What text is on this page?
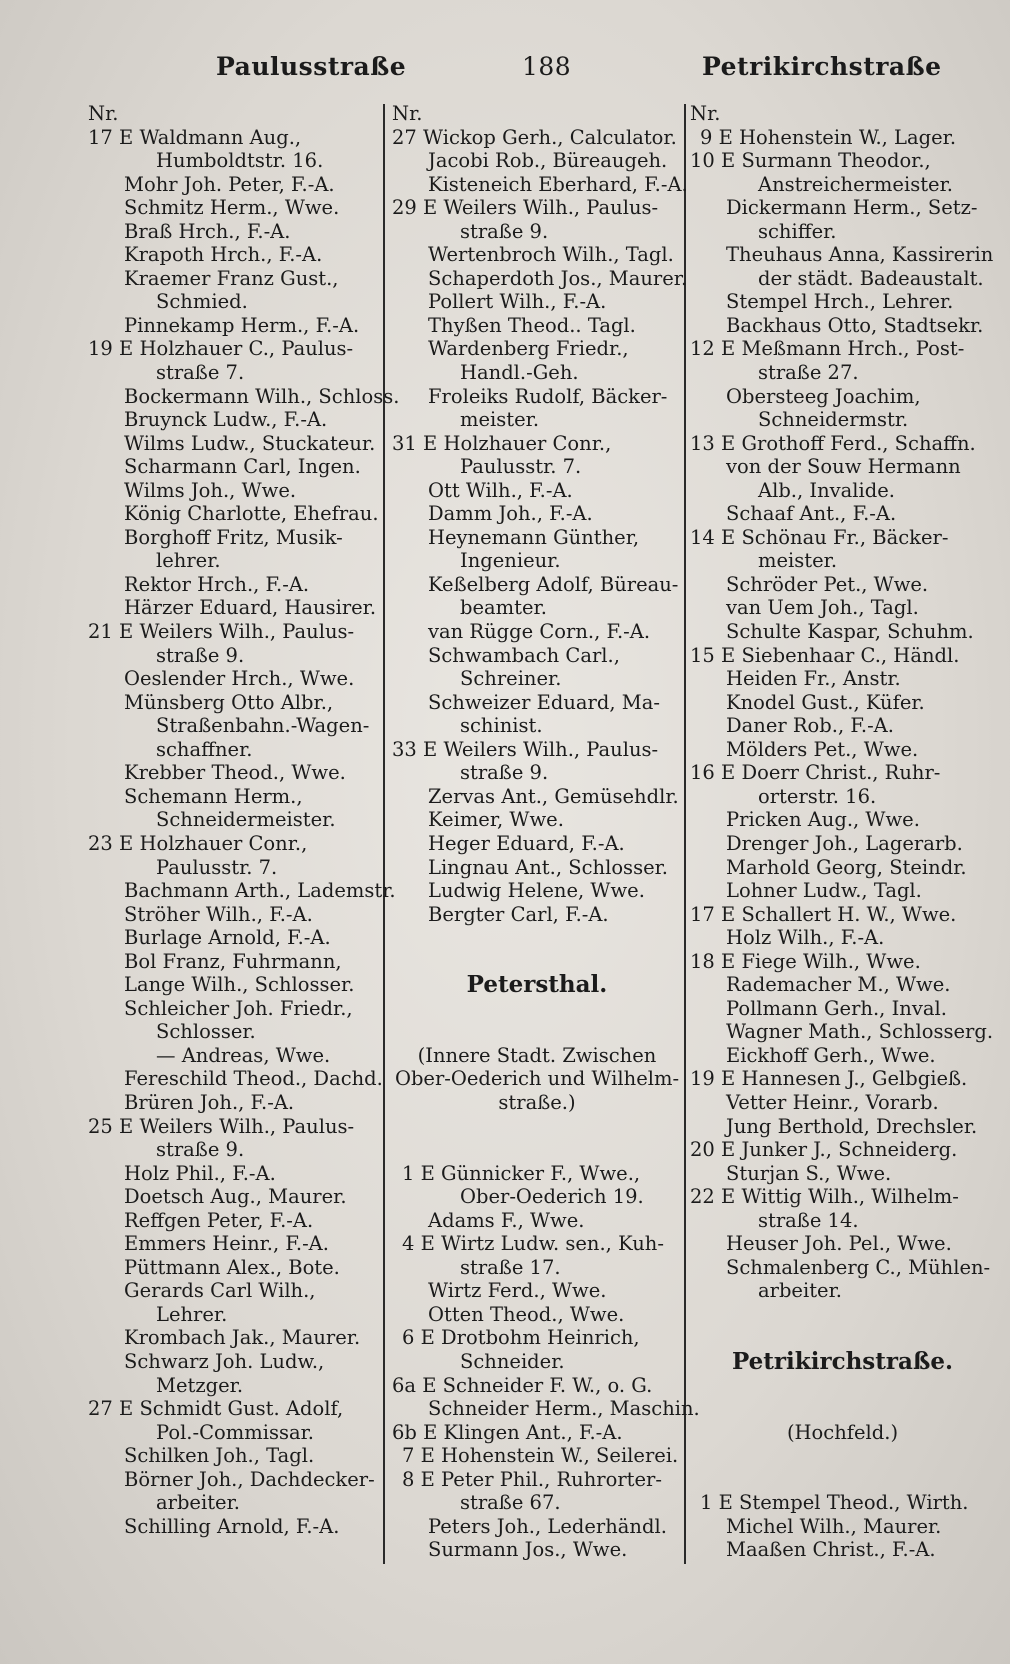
Paulusstraße	188	Petrikirchstraße
Nr.
17 E Waldmann Aug.,
Humboldtstr. 16.
Mohr Joh. Peter, F.-A.
Schmitz Herm., Wwe.
Braß Hrch., F.-A.
Krapoth Hrch., F.-A.
Kraemer Franz Gust.,
Schmied.
Pinnekamp Herm., F.-A.
19 E Holzhauer C., Paulus-
straße 7.
Bockermann Wilh., Schloss.
Bruynck Ludw., F.-A.
Wilms Ludw., Stuckateur.
Scharmann Carl, Ingen.
Wilms Joh., Wwe.
König Charlotte, Ehefrau.
Borghoff Fritz, Musik-
lehrer.
Rektor Hrch., F.-A.
Härzer Eduard, Hausirer.
21 E Weilers Wilh., Paulus-
straße 9.
Oeslender Hrch., Wwe.
Münsberg Otto Albr.,
Straßenbahn.-Wagen-
schaffner.
Krebber Theod., Wwe.
Schemann Herm.,
Schneidermeister.
23 E Holzhauer Conr.,
Paulusstr. 7.
Bachmann Arth., Lademstr.
Ströher Wilh., F.-A.
Burlage Arnold, F.-A.
Bol Franz, Fuhrmann,
Lange Wilh., Schlosser.
Schleicher Joh. Friedr.,
Schlosser.
— Andreas, Wwe.
Fereschild Theod., Dachd.
Brüren Joh., F.-A.
25 E Weilers Wilh., Paulus-
straße 9.
Holz Phil., F.-A.
Doetsch Aug., Maurer.
Reffgen Peter, F.-A.
Emmers Heinr., F.-A.
Püttmann Alex., Bote.
Gerards Carl Wilh.,
Lehrer.
Krombach Jak., Maurer.
Schwarz Joh. Ludw.,
Metzger.
27 E Schmidt Gust. Adolf,
Pol.-Commissar.
Schilken Joh., Tagl.
Börner Joh., Dachdecker-
arbeiter.
Schilling Arnold, F.-A.
Nr.
27 Wickop Gerh., Calculator.
Jacobi Rob., Büreaugeh.
Kisteneich Eberhard, F.-A.
29 E Weilers Wilh., Paulus-
straße 9.
Wertenbroch Wilh., Tagl.
Schaperdoth Jos., Maurer.
Pollert Wilh., F.-A.
Thyßen Theod.. Tagl.
Wardenberg Friedr.,
Handl.-Geh.
Froleiks Rudolf, Bäcker-
meister.
31 E Holzhauer Conr.,
Paulusstr. 7.
Ott Wilh., F.-A.
Damm Joh., F.-A.
Heynemann Günther,
Ingenieur.
Keßelberg Adolf, Büreau-
beamter.
van Rügge Corn., F.-A.
Schwambach Carl.,
Schreiner.
Schweizer Eduard, Ma-
schinist.
33 E Weilers Wilh., Paulus-
straße 9.
Zervas Ant., Gemüsehdlr.
Keimer, Wwe.
Heger Eduard, F.-A.
Lingnau Ant., Schlosser.
Ludwig Helene, Wwe.
Bergter Carl, F.-A.
Petersthal.
(Innere Stadt. Zwischen
Ober-Oederich und Wilhelm-
straße.)
1 E Günnicker F., Wwe.,
Ober-Oederich 19.
Adams F., Wwe.
4 E Wirtz Ludw. sen., Kuh-
straße 17.
Wirtz Ferd., Wwe.
Otten Theod., Wwe.
6 E Drotbohm Heinrich,
Schneider.
6a E Schneider F. W., o. G.
Schneider Herm., Maschin.
6b E Klingen Ant., F.-A.
7 E Hohenstein W., Seilerei.
8 E Peter Phil., Ruhrorter-
straße 67.
Peters Joh., Lederhändl.
Surmann Jos., Wwe.
Nr.
9 E Hohenstein W., Lager.
10 E Surmann Theodor.,
Anstreichermeister.
Dickermann Herm., Setz-
schiffer.
Theuhaus Anna, Kassirerin
der städt. Badeaustalt.
Stempel Hrch., Lehrer.
Backhaus Otto, Stadtsekr.
12 E Meßmann Hrch., Post-
straße 27.
Obersteeg Joachim,
Schneidermstr.
13 E Grothoff Ferd., Schaffn.
von der Souw Hermann
Alb., Invalide.
Schaaf Ant., F.-A.
14 E Schönau Fr., Bäcker-
meister.
Schröder Pet., Wwe.
van Uem Joh., Tagl.
Schulte Kaspar, Schuhm.
15 E Siebenhaar C., Händl.
Heiden Fr., Anstr.
Knodel Gust., Küfer.
Daner Rob., F.-A.
Mölders Pet., Wwe.
16 E Doerr Christ., Ruhr-
orterstr. 16.
Pricken Aug., Wwe.
Drenger Joh., Lagerarb.
Marhold Georg, Steindr.
Lohner Ludw., Tagl.
17 E Schallert H. W., Wwe.
Holz Wilh., F.-A.
18 E Fiege Wilh., Wwe.
Rademacher M., Wwe.
Pollmann Gerh., Inval.
Wagner Math., Schlosserg.
Eickhoff Gerh., Wwe.
19 E Hannesen J., Gelbgieß.
Vetter Heinr., Vorarb.
Jung Berthold, Drechsler.
20 E Junker J., Schneiderg.
Sturjan S., Wwe.
22 E Wittig Wilh., Wilhelm-
straße 14.
Heuser Joh. Pel., Wwe.
Schmalenberg C., Mühlen-
arbeiter.
Petrikirchstraße.
(Hochfeld.)
1 E Stempel Theod., Wirth.
Michel Wilh., Maurer.
Maaßen Christ., F.-A.
